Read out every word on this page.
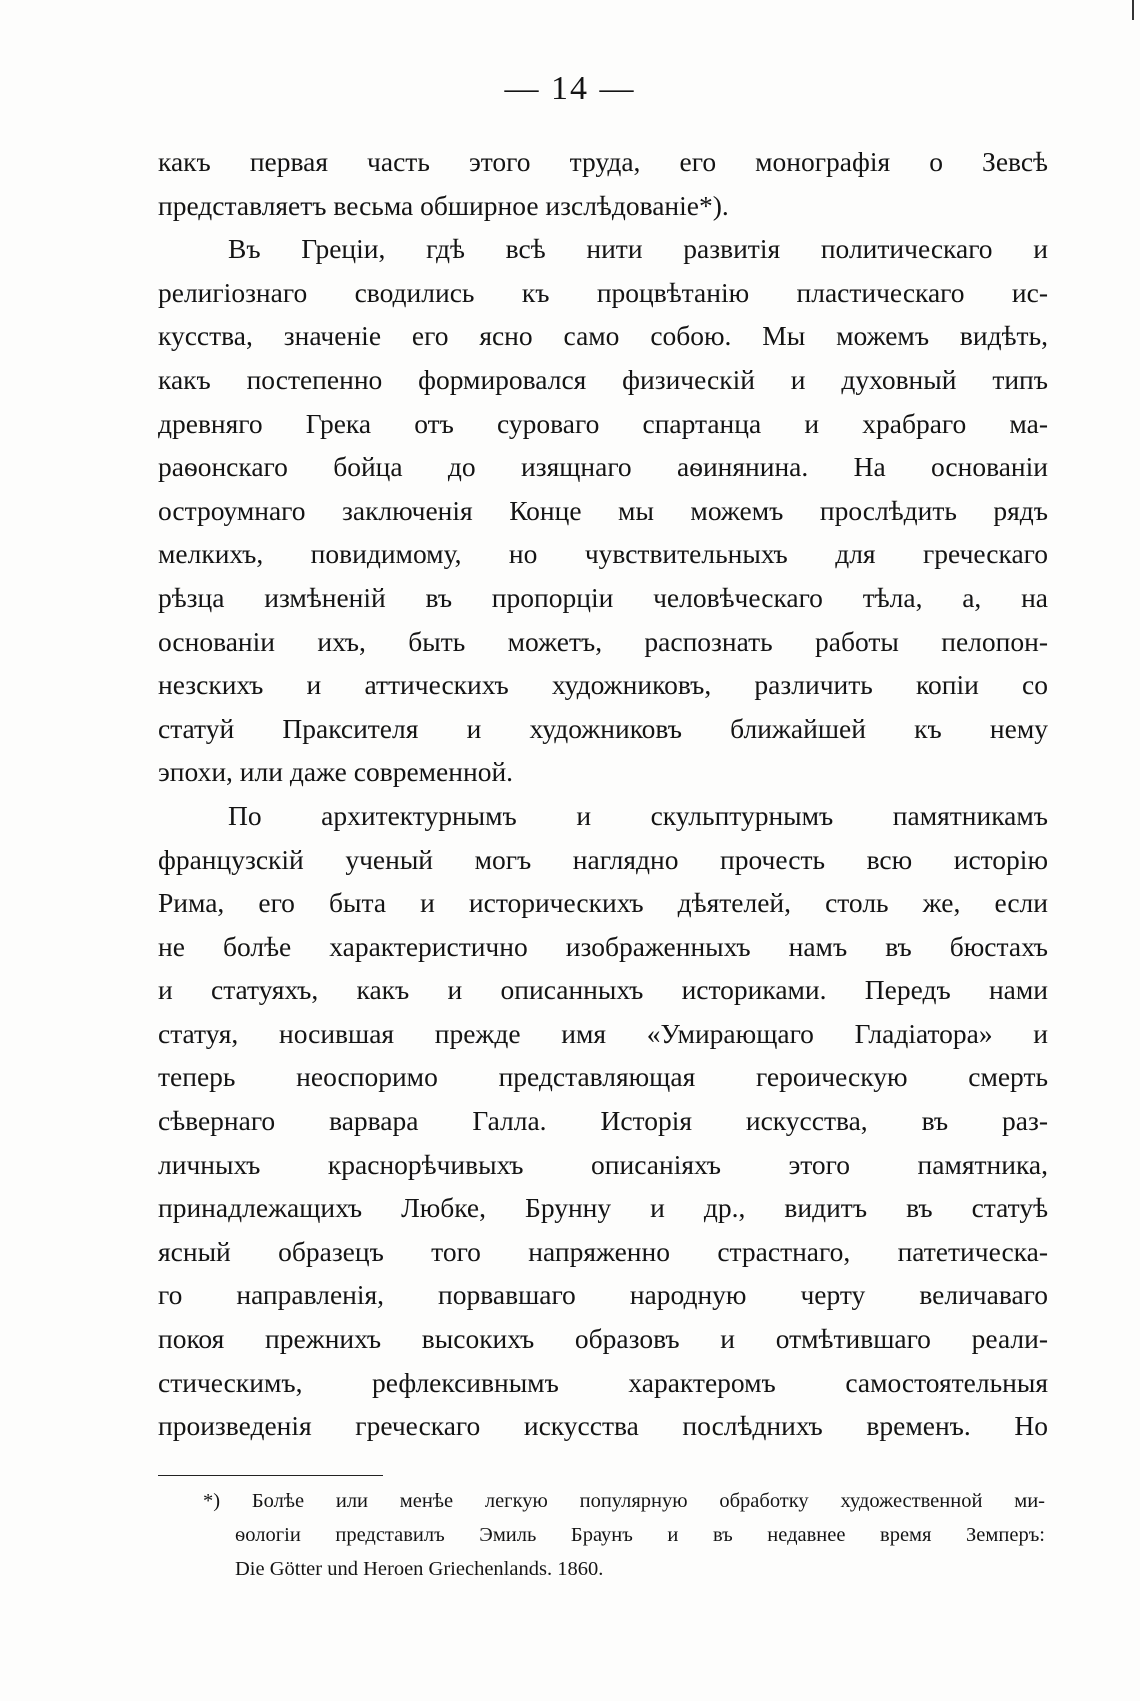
— 14 —
какъ первая часть этого труда, его монографія о Зевсѣ
представляетъ весьма обширное изслѣдованіе*).
Въ Греціи, гдѣ всѣ нити развитія политическаго и
религіознаго сводились къ процвѣтанію пластическаго ис-
кусства, значеніе его ясно само собою. Мы можемъ видѣть,
какъ постепенно формировался физическій и духовный типъ
древняго Грека отъ суроваго спартанца и храбраго ма-
раѳонскаго бойца до изящнаго аѳинянина. На основаніи
остроумнаго заключенія Конце мы можемъ прослѣдить рядъ
мелкихъ, повидимому, но чувствительныхъ для греческаго
рѣзца измѣненій въ пропорціи человѣческаго тѣла, а, на
основаніи ихъ, быть можетъ, распознать работы пелопон-
незскихъ и аттическихъ художниковъ, различить копіи со
статуй Праксителя и художниковъ ближайшей къ нему
эпохи, или даже современной.
По архитектурнымъ и скульптурнымъ памятникамъ
французскій ученый могъ наглядно прочесть всю исторію
Рима, его быта и историческихъ дѣятелей, столь же, если
не болѣе характеристично изображенныхъ намъ въ бюстахъ
и статуяхъ, какъ и описанныхъ историками. Передъ нами
статуя, носившая прежде имя «Умирающаго Гладіатора» и
теперь неоспоримо представляющая героическую смерть
сѣвернаго варвара Галла. Исторія искусства, въ раз-
личныхъ краснорѣчивыхъ описаніяхъ этого памятника,
принадлежащихъ Любке, Брунну и др., видитъ въ статуѣ
ясный образецъ того напряженно страстнаго, патетическа-
го направленія, порвавшаго народную черту величаваго
покоя прежнихъ высокихъ образовъ и отмѣтившаго реали-
стическимъ, рефлексивнымъ характеромъ самостоятельныя
произведенія греческаго искусства послѣднихъ временъ. Но
*) Болѣе или менѣе легкую популярную обработку художественной ми-
ѳологіи представилъ Эмиль Браунъ и въ недавнее время Земперъ:
Die Götter und Heroen Griechenlands. 1860.
